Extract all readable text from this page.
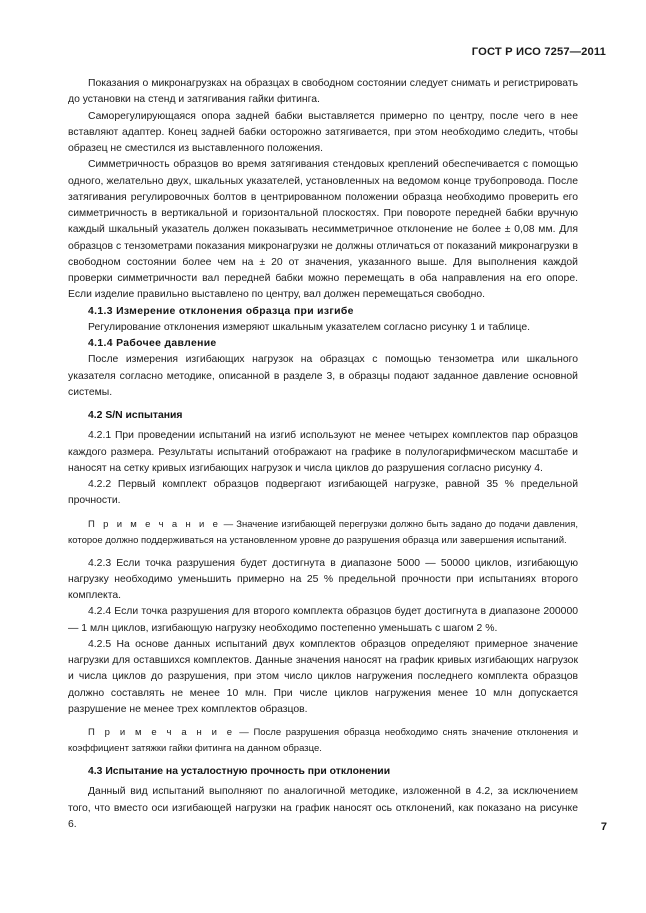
ГОСТ Р ИСО 7257—2011

Показания о микронагрузках на образцах в свободном состоянии следует снимать и регистрировать до установки на стенд и затягивания гайки фитинга.

Саморегулирующаяся опора задней бабки выставляется примерно по центру, после чего в нее вставляют адаптер. Конец задней бабки осторожно затягивается, при этом необходимо следить, чтобы образец не сместился из выставленного положения.

Симметричность образцов во время затягивания стендовых креплений обеспечивается с помощью одного, желательно двух, шкальных указателей, установленных на ведомом конце трубопровода. После затягивания регулировочных болтов в центрированном положении образца необходимо проверить его симметричность в вертикальной и горизонтальной плоскостях. При повороте передней бабки вручную каждый шкальный указатель должен показывать несимметричное отклонение не более ± 0,08 мм. Для образцов с тензометрами показания микронагрузки не должны отличаться от показаний микронагрузки в свободном состоянии более чем на ± 20 от значения, указанного выше. Для выполнения каждой проверки симметричности вал передней бабки можно перемещать в оба направления на его опоре. Если изделие правильно выставлено по центру, вал должен перемещаться свободно.

4.1.3 Измерение отклонения образца при изгибе

Регулирование отклонения измеряют шкальным указателем согласно рисунку 1 и таблице.

4.1.4 Рабочее давление

После измерения изгибающих нагрузок на образцах с помощью тензометра или шкального указателя согласно методике, описанной в разделе 3, в образцы подают заданное давление основной системы.

4.2 S/N испытания

4.2.1 При проведении испытаний на изгиб используют не менее четырех комплектов пар образцов каждого размера. Результаты испытаний отображают на графике в полулогарифмическом масштабе и наносят на сетку кривых изгибающих нагрузок и числа циклов до разрушения согласно рисунку 4.

4.2.2 Первый комплект образцов подвергают изгибающей нагрузке, равной 35 % предельной прочности.

П р и м е ч а н и е — Значение изгибающей перегрузки должно быть задано до подачи давления, которое должно поддерживаться на установленном уровне до разрушения образца или завершения испытаний.

4.2.3 Если точка разрушения будет достигнута в диапазоне 5000 — 50000 циклов, изгибающую нагрузку необходимо уменьшить примерно на 25 % предельной прочности при испытаниях второго комплекта.

4.2.4 Если точка разрушения для второго комплекта образцов будет достигнута в диапазоне 200000 — 1 млн циклов, изгибающую нагрузку необходимо постепенно уменьшать с шагом 2 %.

4.2.5 На основе данных испытаний двух комплектов образцов определяют примерное значение нагрузки для оставшихся комплектов. Данные значения наносят на график кривых изгибающих нагрузок и числа циклов до разрушения, при этом число циклов нагружения последнего комплекта образцов должно составлять не менее 10 млн. При числе циклов нагружения менее 10 млн допускается разрушение не менее трех комплектов образцов.

П р и м е ч а н и е — После разрушения образца необходимо снять значение отклонения и коэффициент затяжки гайки фитинга на данном образце.

4.3 Испытание на усталостную прочность при отклонении

Данный вид испытаний выполняют по аналогичной методике, изложенной в 4.2, за исключением того, что вместо оси изгибающей нагрузки на график наносят ось отклонений, как показано на рисунке 6.	7
